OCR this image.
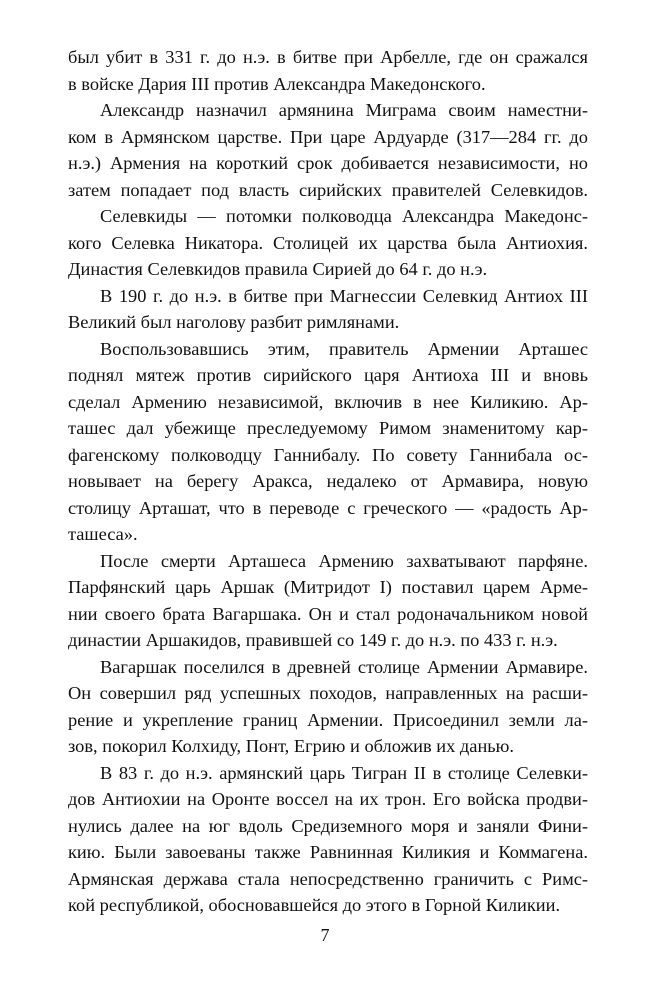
был убит в 331 г. до н.э. в битве при Арбелле, где он сражался
в войске Дария III против Александра Македонского.
Александр назначил армянина Миграма своим наместни-
ком в Армянском царстве. При царе Ардуарде (317—284 гг. до
н.э.) Армения на короткий срок добивается независимости, но
затем попадает под власть сирийских правителей Селевкидов.
Селевкиды — потомки полководца Александра Македонс-
кого Селевка Никатора. Столицей их царства была Антиохия.
Династия Селевкидов правила Сирией до 64 г. до н.э.
В 190 г. до н.э. в битве при Магнессии Селевкид Антиох III
Великий был наголову разбит римлянами.
Воспользовавшись этим, правитель Армении Арташес
поднял мятеж против сирийского царя Антиоха III и вновь
сделал Армению независимой, включив в нее Киликию. Ар-
ташес дал убежище преследуемому Римом знаменитому кар-
фагенскому полководцу Ганнибалу. По совету Ганнибала ос-
новывает на берегу Аракса, недалеко от Армавира, новую
столицу Арташат, что в переводе с греческого — «радость Ар-
ташеса».
После смерти Арташеса Армению захватывают парфяне.
Парфянский царь Аршак (Митридот I) поставил царем Арме-
нии своего брата Вагаршака. Он и стал родоначальником новой
династии Аршакидов, правившей со 149 г. до н.э. по 433 г. н.э.
Вагаршак поселился в древней столице Армении Армавире.
Он совершил ряд успешных походов, направленных на расши-
рение и укрепление границ Армении. Присоединил земли ла-
зов, покорил Колхиду, Понт, Егрию и обложив их данью.
В 83 г. до н.э. армянский царь Тигран II в столице Селевки-
дов Антиохии на Оронте воссел на их трон. Его войска продви-
нулись далее на юг вдоль Средиземного моря и заняли Фини-
кию. Были завоеваны также Равнинная Киликия и Коммагена.
Армянская держава стала непосредственно граничить с Римс-
кой республикой, обосновавшейся до этого в Горной Киликии.
7
